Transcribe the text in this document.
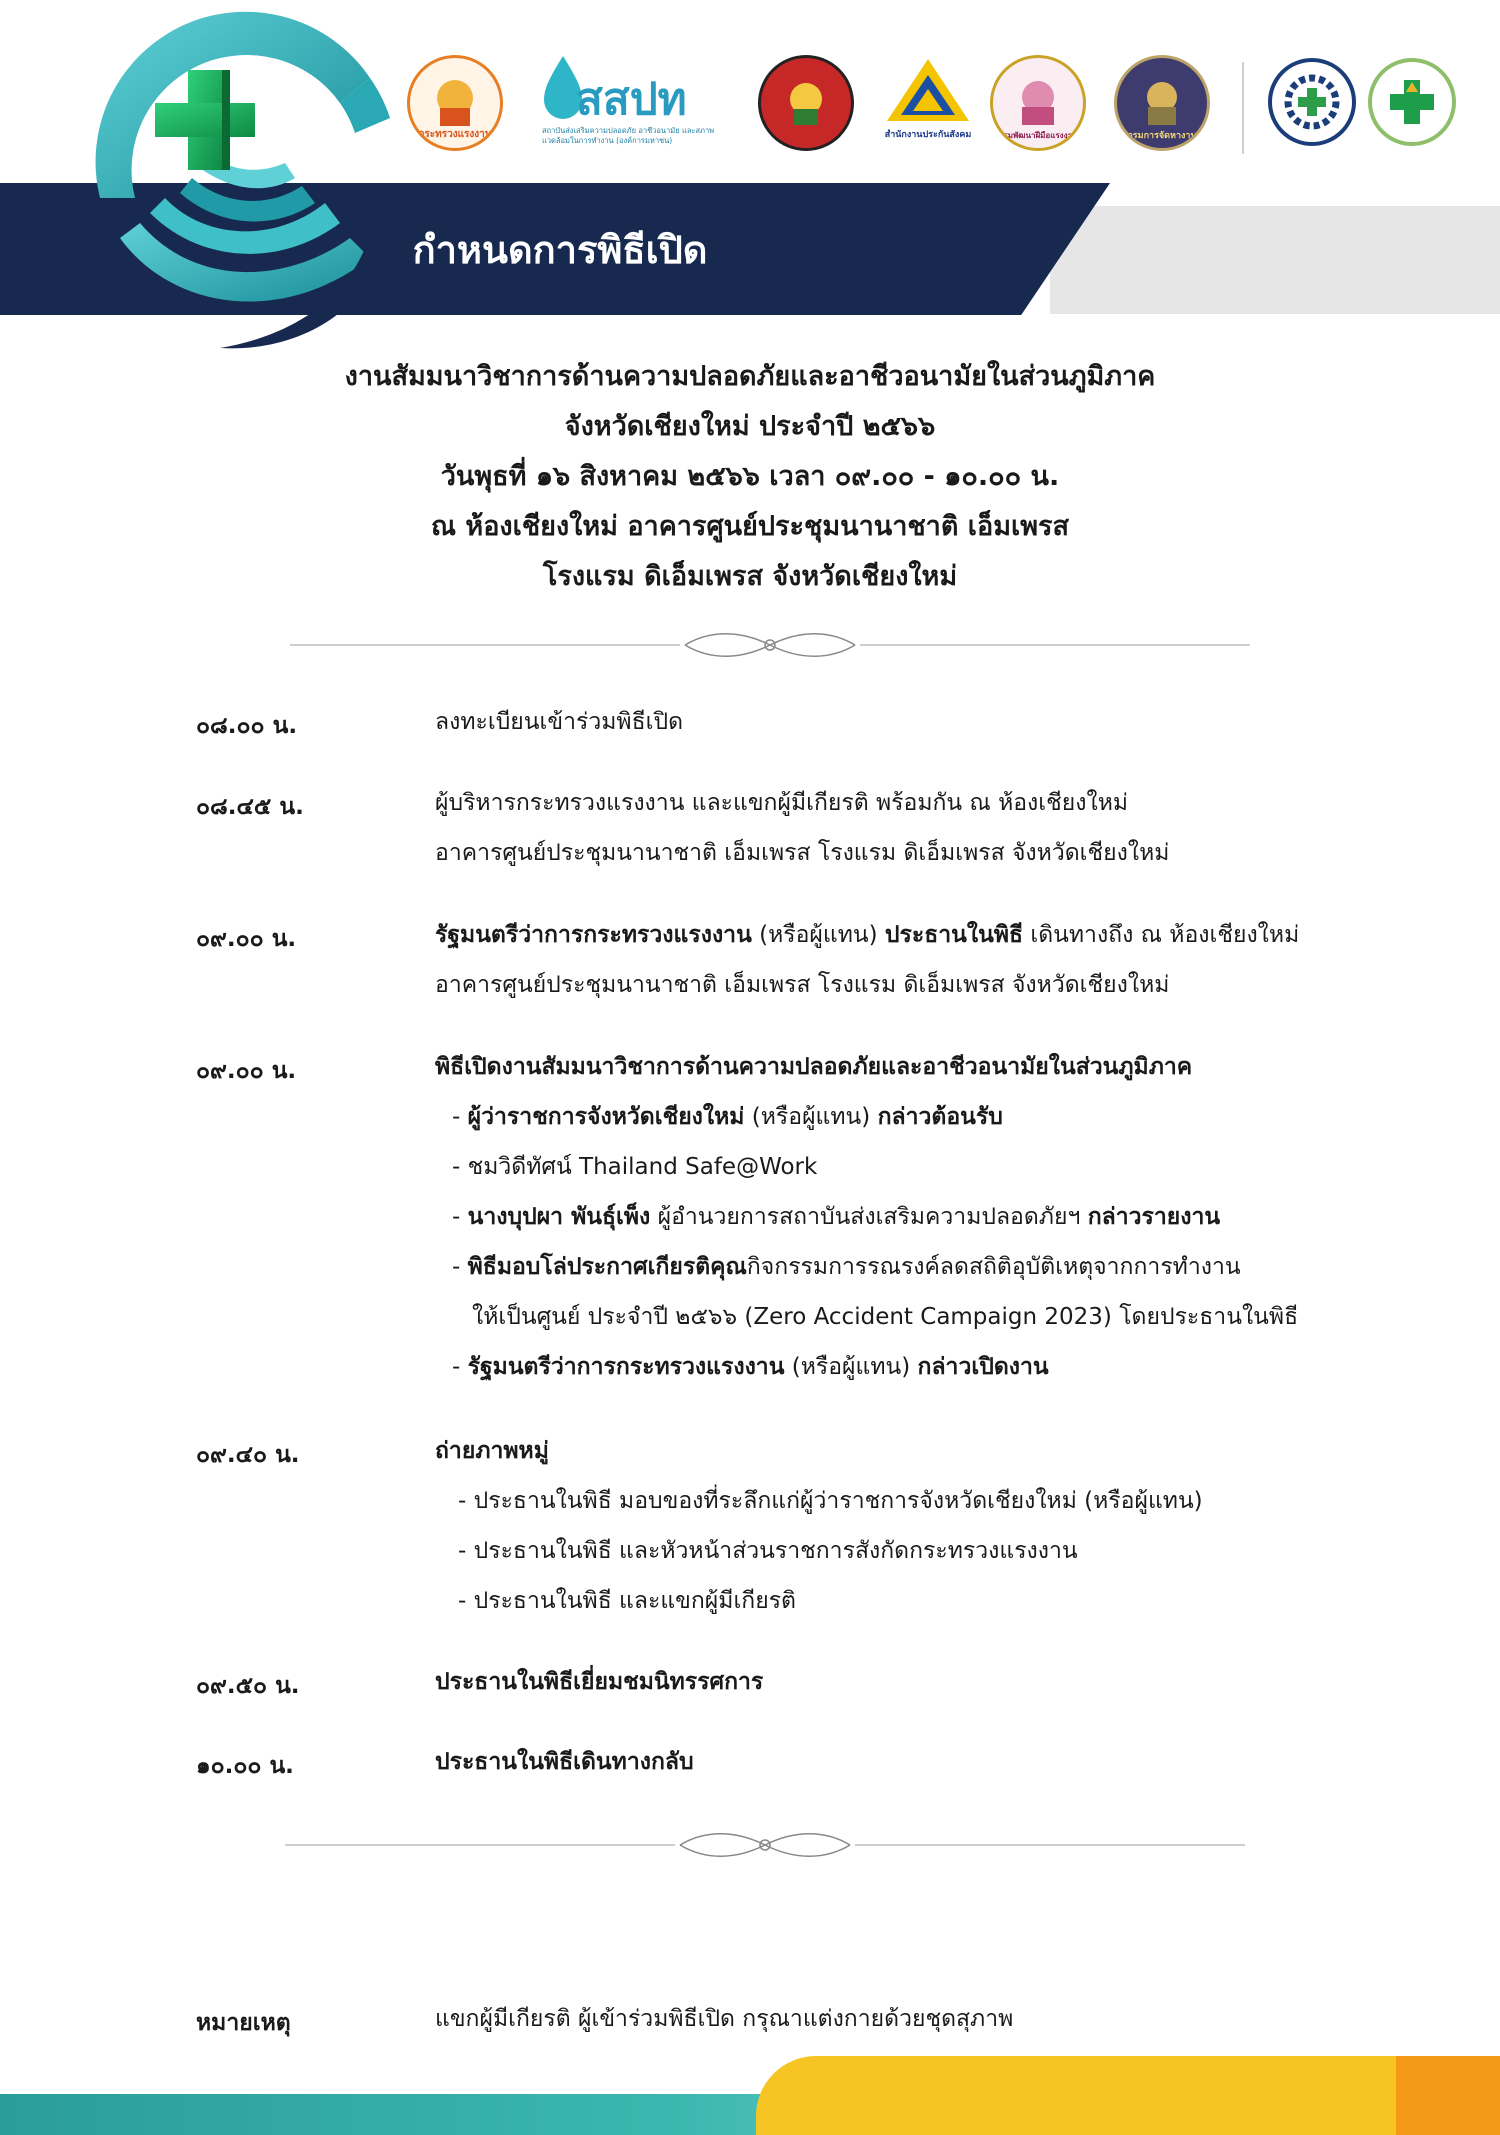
กำหนดการพิธีเปิด
กระทรวงแรงงาน
สสปท
สถาบันส่งเสริมความปลอดภัย อาชีวอนามัย และสภาพแวดล้อมในการทำงาน (องค์การมหาชน)
สำนักงานประกันสังคม	กรมพัฒนาฝีมือแรงงาน	กรมการจัดหางาน
งานสัมมนาวิชาการด้านความปลอดภัยและอาชีวอนามัยในส่วนภูมิภาค
จังหวัดเชียงใหม่ ประจำปี ๒๕๖๖
วันพุธที่ ๑๖ สิงหาคม ๒๕๖๖ เวลา ๐๙.๐๐ - ๑๐.๐๐ น.
ณ ห้องเชียงใหม่ อาคารศูนย์ประชุมนานาชาติ เอ็มเพรส
โรงแรม ดิเอ็มเพรส จังหวัดเชียงใหม่
๐๘.๐๐ น.	ลงทะเบียนเข้าร่วมพิธีเปิด
๐๘.๔๕ น.	ผู้บริหารกระทรวงแรงงาน และแขกผู้มีเกียรติ พร้อมกัน ณ ห้องเชียงใหม่
อาคารศูนย์ประชุมนานาชาติ เอ็มเพรส โรงแรม ดิเอ็มเพรส จังหวัดเชียงใหม่
๐๙.๐๐ น.	รัฐมนตรีว่าการกระทรวงแรงงาน (หรือผู้แทน) ประธานในพิธี เดินทางถึง ณ ห้องเชียงใหม่
อาคารศูนย์ประชุมนานาชาติ เอ็มเพรส โรงแรม ดิเอ็มเพรส จังหวัดเชียงใหม่
๐๙.๐๐ น.	พิธีเปิดงานสัมมนาวิชาการด้านความปลอดภัยและอาชีวอนามัยในส่วนภูมิภาค
- ผู้ว่าราชการจังหวัดเชียงใหม่ (หรือผู้แทน) กล่าวต้อนรับ
- ชมวิดีทัศน์ Thailand Safe@Work
- นางบุปผา พันธุ์เพ็ง ผู้อำนวยการสถาบันส่งเสริมความปลอดภัยฯ กล่าวรายงาน
- พิธีมอบโล่ประกาศเกียรติคุณกิจกรรมการรณรงค์ลดสถิติอุบัติเหตุจากการทำงาน
ให้เป็นศูนย์ ประจำปี ๒๕๖๖ (Zero Accident Campaign 2023) โดยประธานในพิธี
- รัฐมนตรีว่าการกระทรวงแรงงาน (หรือผู้แทน) กล่าวเปิดงาน
๐๙.๔๐ น.	ถ่ายภาพหมู่
- ประธานในพิธี มอบของที่ระลึกแก่ผู้ว่าราชการจังหวัดเชียงใหม่ (หรือผู้แทน)
- ประธานในพิธี และหัวหน้าส่วนราชการสังกัดกระทรวงแรงงาน
- ประธานในพิธี และแขกผู้มีเกียรติ
๐๙.๕๐ น.	ประธานในพิธีเยี่ยมชมนิทรรศการ
๑๐.๐๐ น.	ประธานในพิธีเดินทางกลับ
หมายเหตุ	แขกผู้มีเกียรติ ผู้เข้าร่วมพิธีเปิด กรุณาแต่งกายด้วยชุดสุภาพ
